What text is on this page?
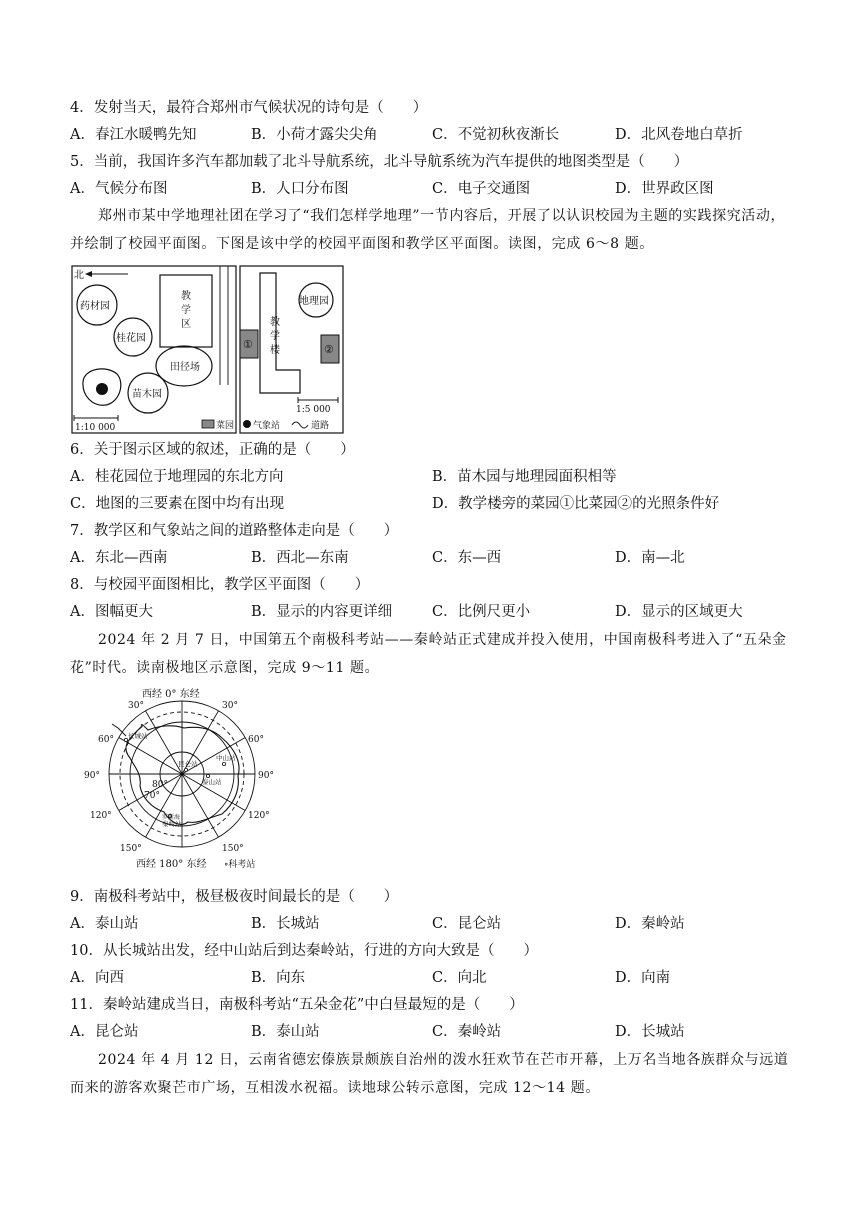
4．发射当天，最符合郑州市气候状况的诗句是（　　）
A．春江水暖鸭先知	B．小荷才露尖尖角	C．不觉初秋夜渐长	D．北风卷地白草折
5．当前，我国许多汽车都加载了北斗导航系统，北斗导航系统为汽车提供的地图类型是（　　）
A．气候分布图	B．人口分布图	C．电子交通图	D．世界政区图
郑州市某中学地理社团在学习了“我们怎样学地理”一节内容后，开展了以认识校园为主题的实践探究活动，并绘制了校园平面图。下图是该中学的校园平面图和教学区平面图。读图，完成 6～8 题。
北
药材园
桂花园
教
学
区
田径场
苗木园
地理园
教
学
楼
①	②
1:10 000
1:5 000
菜园 气象站	道路
6．关于图示区域的叙述，正确的是（　　）
A．桂花园位于地理园的东北方向	B．苗木园与地理园面积相等
C．地图的三要素在图中均有出现	D．教学楼旁的菜园①比菜园②的光照条件好
7．教学区和气象站之间的道路整体走向是（　　）
A．东北—西南	B．西北—东南	C．东—西	D．南—北
8．与校园平面图相比，教学区平面图（　　）
A．图幅更大	B．显示的内容更详细	C．比例尺更小	D．显示的区域更大
2024 年 2 月 7 日，中国第五个南极科考站——秦岭站正式建成并投入使用，中国南极科考进入了“五朵金花”时代。读南极地区示意图，完成 9～11 题。
西经 0° 东经
西经 180° 东经
30°	30°
60°	60°
90°	90°
120°	120°
150°	150°
80°
70°
长城站
昆仑站
中山站
泰山站
秦岭站
罗斯海
∘科考站
9．南极科考站中，极昼极夜时间最长的是（　　）
A．泰山站	B．长城站	C．昆仑站	D．秦岭站
10．从长城站出发，经中山站后到达秦岭站，行进的方向大致是（　　）
A．向西	B．向东	C．向北	D．向南
11．秦岭站建成当日，南极科考站“五朵金花”中白昼最短的是（　　）
A．昆仑站	B．泰山站	C．秦岭站	D．长城站
2024 年 4 月 12 日，云南省德宏傣族景颇族自治州的泼水狂欢节在芒市开幕，上万名当地各族群众与远道而来的游客欢聚芒市广场，互相泼水祝福。读地球公转示意图，完成 12～14 题。
